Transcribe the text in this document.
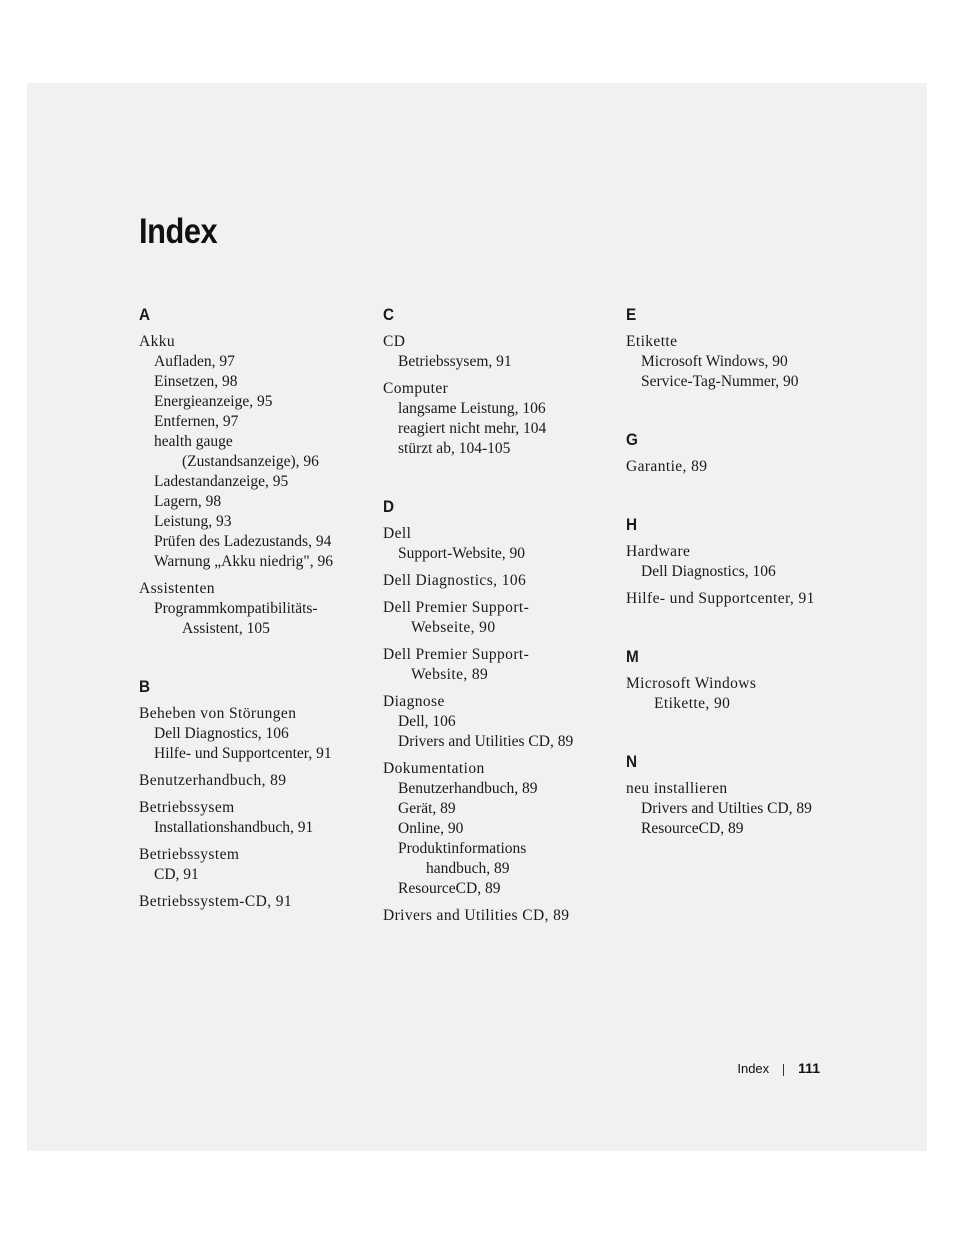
Index
A
Akku
Aufladen, 97
Einsetzen, 98
Energieanzeige, 95
Entfernen, 97
health gauge
(Zustandsanzeige), 96
Ladestandanzeige, 95
Lagern, 98
Leistung, 93
Prüfen des Ladezustands, 94
Warnung „Akku niedrig", 96
Assistenten
Programmkompatibilitäts-
Assistent, 105
B
Beheben von Störungen
Dell Diagnostics, 106
Hilfe- und Supportcenter, 91
Benutzerhandbuch, 89
Betriebssysem
Installationshandbuch, 91
Betriebssystem
CD, 91
Betriebssystem-CD, 91
C
CD
Betriebssysem, 91
Computer
langsame Leistung, 106
reagiert nicht mehr, 104
stürzt ab, 104-105
D
Dell
Support-Website, 90
Dell Diagnostics, 106
Dell Premier Support-
Webseite, 90
Dell Premier Support-
Website, 89
Diagnose
Dell, 106
Drivers and Utilities CD, 89
Dokumentation
Benutzerhandbuch, 89
Gerät, 89
Online, 90
Produktinformations
handbuch, 89
ResourceCD, 89
Drivers and Utilities CD, 89
E
Etikette
Microsoft Windows, 90
Service-Tag-Nummer, 90
G
Garantie, 89
H
Hardware
Dell Diagnostics, 106
Hilfe- und Supportcenter, 91
M
Microsoft Windows
Etikette, 90
N
neu installieren
Drivers and Utilties CD, 89
ResourceCD, 89
Index 111
